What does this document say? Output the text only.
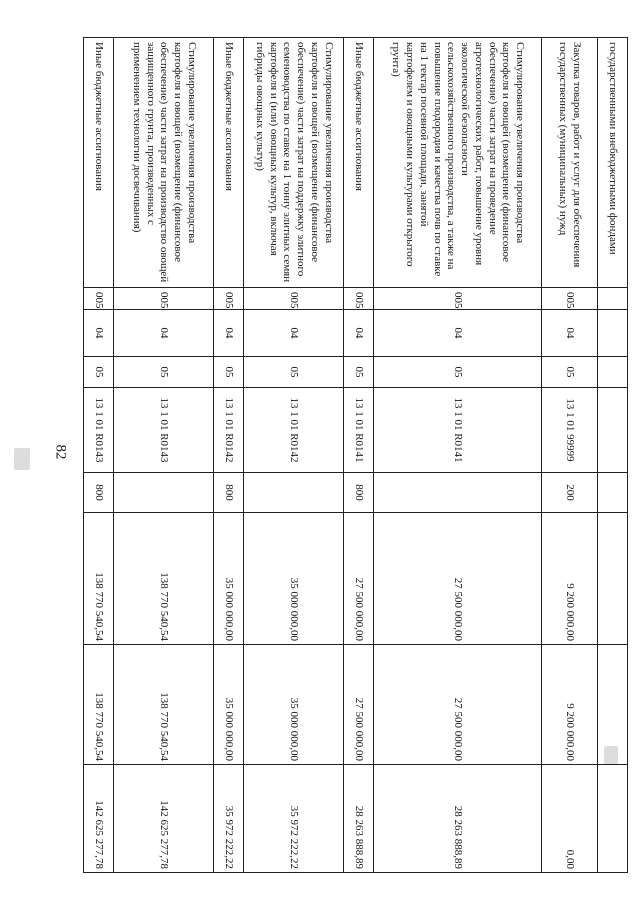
82
государственными внебюджетными фондами								
Закупка товаров, работ и услуг для обеспечения государственных (муниципальных) нужд	005	04	05	13 1 01 99999	200	9 200 000,00	9 200 000,00	0,00
Стимулирование увеличения производства картофеля и овощей (возмещение (финансовое обеспечение) части затрат на проведение агротехнологических работ, повышение уровня экологической безопасности сельскохозяйственного производства, а также на повышение плодородия и качества почв по ставке на 1 гектар посевной площади, занятой картофелем и овощными культурами открытого грунта)	005	04	05	13 1 01 R0141		27 500 000,00	27 500 000,00	28 263 888,89
Иные бюджетные ассигнования	005	04	05	13 1 01 R0141	800	27 500 000,00	27 500 000,00	28 263 888,89
Стимулирование увеличения производства картофеля и овощей (возмещение (финансовое обеспечение) части затрат на поддержку элитного семеноводства по ставке на 1 тонну элитных семян картофеля и (или) овощных культур, включая гибриды овощных культур)	005	04	05	13 1 01 R0142		35 000 000,00	35 000 000,00	35 972 222,22
Иные бюджетные ассигнования	005	04	05	13 1 01 R0142	800	35 000 000,00	35 000 000,00	35 972 222,22
Стимулирование увеличения производства картофеля и овощей (возмещение (финансовое обеспечение) части затрат на производство овощей защищенного грунта, произведенных с применением технологии досвечивания)	005	04	05	13 1 01 R0143		138 770 540,54	138 770 540,54	142 625 277,78
Иные бюджетные ассигнования	005	04	05	13 1 01 R0143	800	138 770 540,54	138 770 540,54	142 625 277,78
